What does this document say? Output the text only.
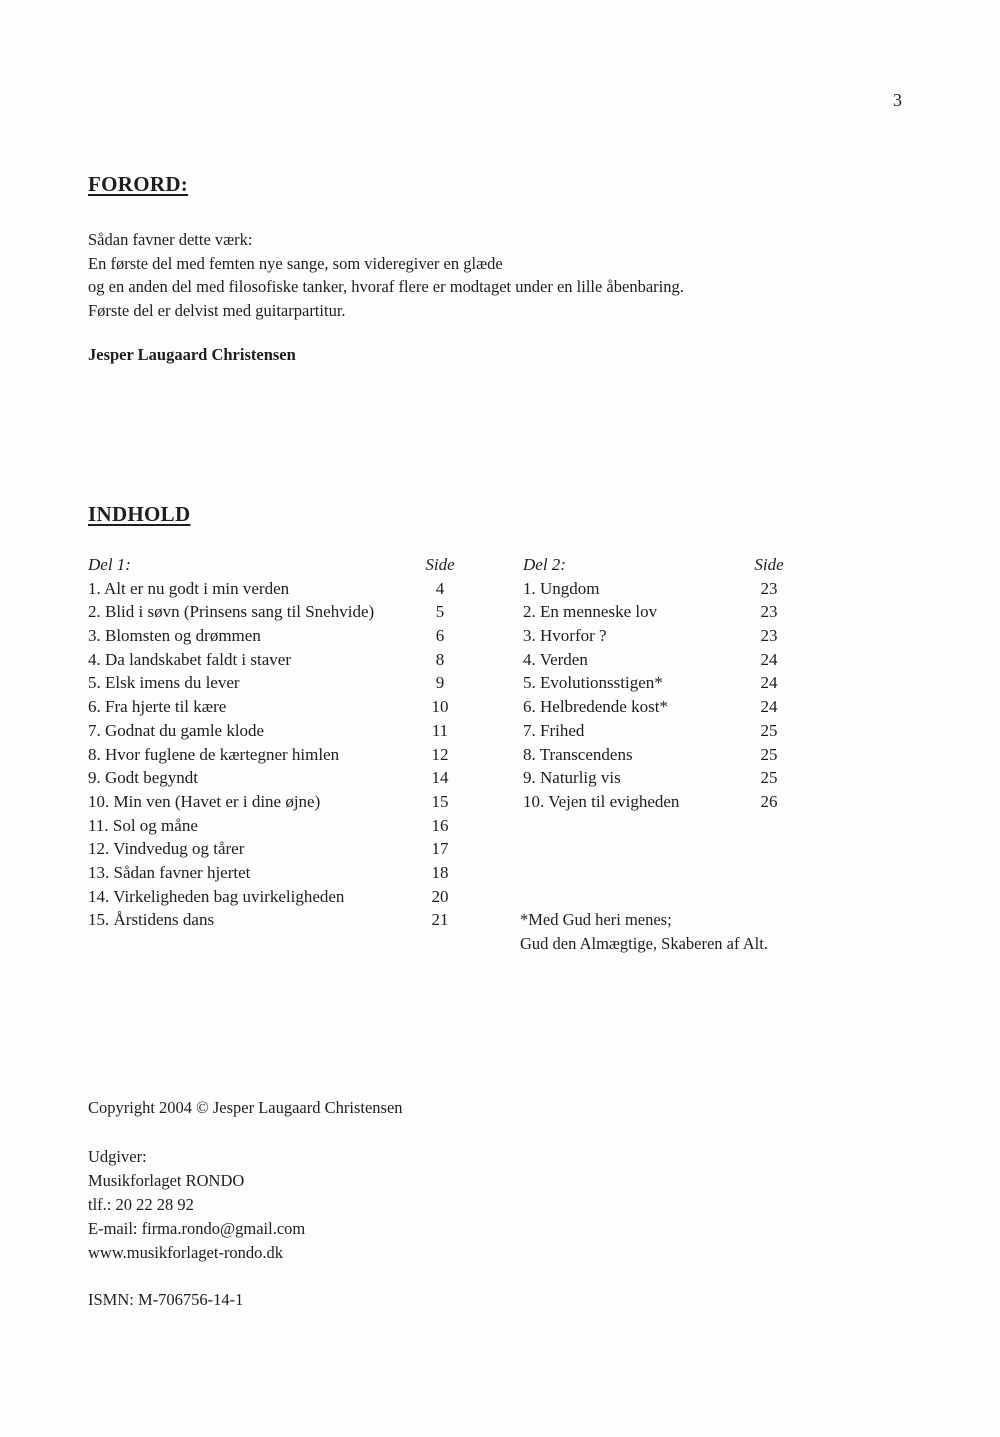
3
FORORD:
Sådan favner dette værk:
En første del med femten nye sange, som videregiver en glæde
og en anden del med filosofiske tanker, hvoraf flere er modtaget under en lille åbenbaring.
Første del er delvist med guitarpartitur.
Jesper Laugaard Christensen
INDHOLD
Del 1:	Side
1. Alt er nu godt i min verden	4
2. Blid i søvn (Prinsens sang til Snehvide)	5
3. Blomsten og drømmen	6
4. Da landskabet faldt i staver	8
5. Elsk imens du lever	9
6. Fra hjerte til kære	10
7. Godnat du gamle klode	11
8. Hvor fuglene de kærtegner himlen	12
9. Godt begyndt	14
10. Min ven (Havet er i dine øjne)	15
11. Sol og måne	16
12. Vindvedug og tårer	17
13. Sådan favner hjertet	18
14. Virkeligheden bag uvirkeligheden	20
15. Årstidens dans	21
Del 2:	Side
1. Ungdom	23
2. En menneske lov	23
3. Hvorfor ?	23
4. Verden	24
5. Evolutionsstigen*	24
6. Helbredende kost*	24
7. Frihed	25
8. Transcendens	25
9. Naturlig vis	25
10. Vejen til evigheden	26
*Med Gud heri menes;
Gud den Almægtige, Skaberen af Alt.
Copyright 2004 © Jesper Laugaard Christensen
Udgiver:
Musikforlaget RONDO
tlf.: 20 22 28 92
E-mail: firma.rondo@gmail.com
www.musikforlaget-rondo.dk
ISMN: M-706756-14-1
